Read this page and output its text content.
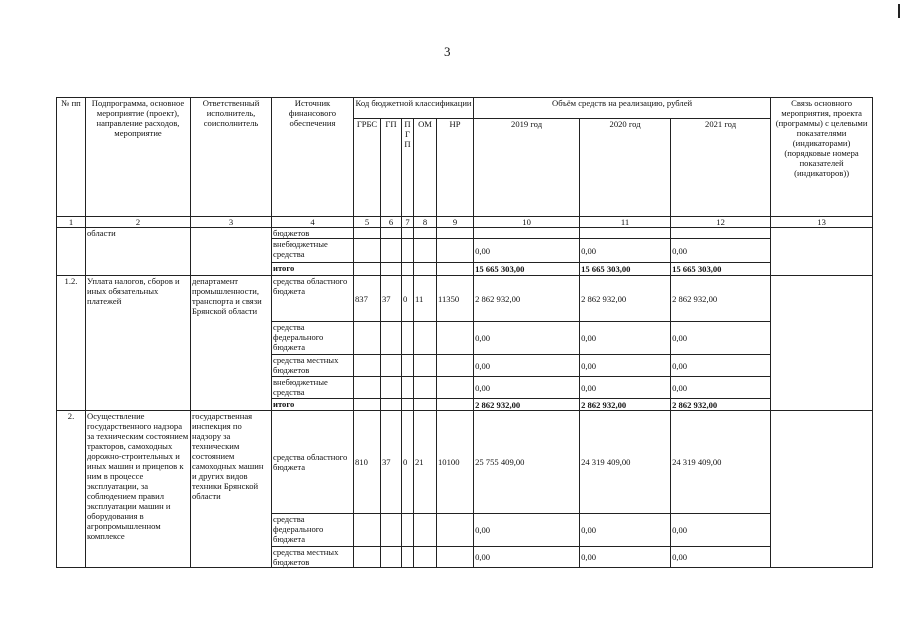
3
№ пп	Подпрограмма, основное мероприятие (проект), направление расходов, мероприятие	Ответственный исполнитель, соисполнитель	Источник финансового обеспечения	Код бюджетной классификации					Объём средств на реализацию, рублей			Связь основного мероприятия, проекта (программы) с целевыми показателями (индикаторами) (порядковые номера показателей (индикаторов))
				ГРБС	ГП	ПГП	ОМ	НР	2019 год	2020 год	2021 год	
1	2	3	4	5	6	7	8	9	10	11	12	13
	области		бюджетов									
			внебюджетные средства						0,00	0,00	0,00	
			итого						15 665 303,00	15 665 303,00	15 665 303,00	
1.2.	Уплата налогов, сборов и иных обязательных платежей	департамент промышленности, транспорта и связи Брянской области	средства областного бюджета	837	37	0	11	11350	2 862 932,00	2 862 932,00	2 862 932,00	
			средства федерального бюджета						0,00	0,00	0,00	
			средства местных бюджетов						0,00	0,00	0,00	
			внебюджетные средства						0,00	0,00	0,00	
			итого						2 862 932,00	2 862 932,00	2 862 932,00	
2.	Осуществление государственного надзора за техническим состоянием тракторов, самоходных дорожно-строительных и иных машин и прицепов к ним в процессе эксплуатации, за соблюдением правил эксплуатации машин и оборудования в агропромышленном комплексе	государственная инспекция по надзору за техническим состоянием самоходных машин и других видов техники Брянской области	средства областного бюджета	810	37	0	21	10100	25 755 409,00	24 319 409,00	24 319 409,00	
			средства федерального бюджета						0,00	0,00	0,00	
			средства местных бюджетов						0,00	0,00	0,00	
